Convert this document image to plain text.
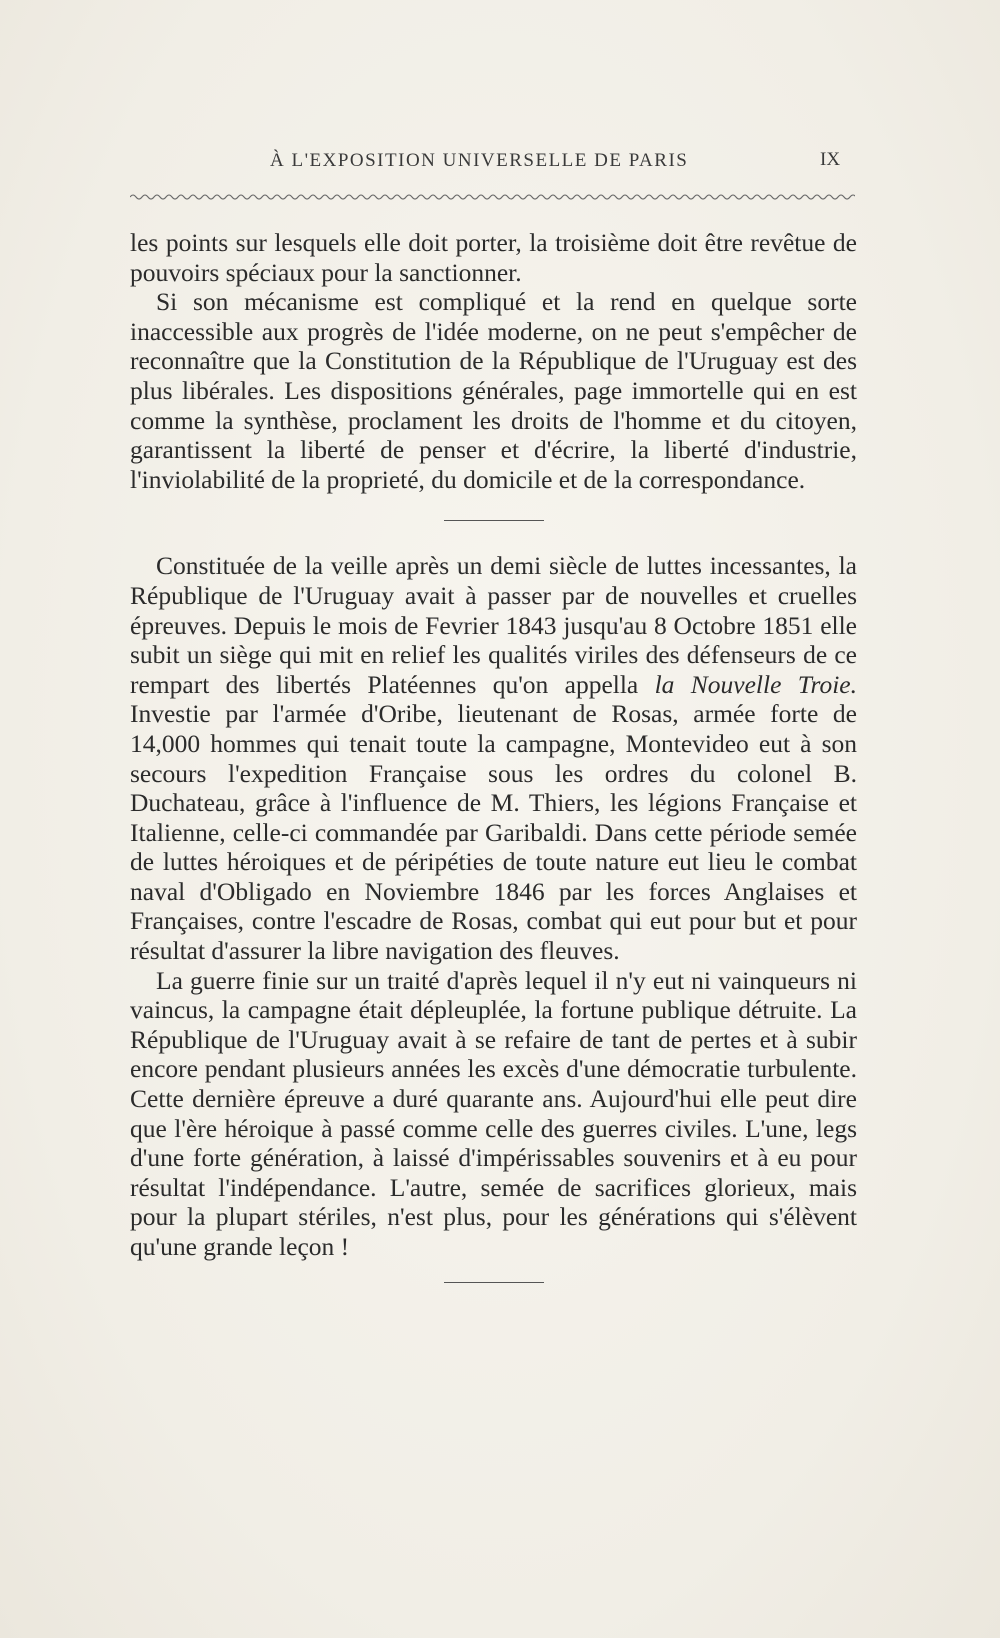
À L'EXPOSITION UNIVERSELLE DE PARIS	IX

les points sur lesquels elle doit porter, la troisième doit être revêtue de pouvoirs spéciaux pour la sanctionner.

Si son mécanisme est compliqué et la rend en quelque sorte inaccessible aux progrès de l'idée moderne, on ne peut s'empêcher de reconnaître que la Constitution de la République de l'Uruguay est des plus libérales. Les dispositions générales, page immortelle qui en est comme la synthèse, proclament les droits de l'homme et du citoyen, garantissent la liberté de penser et d'écrire, la liberté d'industrie, l'inviolabilité de la proprieté, du domicile et de la correspondance.

Constituée de la veille après un demi siècle de luttes incessantes, la République de l'Uruguay avait à passer par de nouvelles et cruelles épreuves. Depuis le mois de Fevrier 1843 jusqu'au 8 Octobre 1851 elle subit un siège qui mit en relief les qualités viriles des défenseurs de ce rempart des libertés Platéennes qu'on appella la Nouvelle Troie. Investie par l'armée d'Oribe, lieutenant de Rosas, armée forte de 14,000 hommes qui tenait toute la campagne, Montevideo eut à son secours l'expedition Française sous les ordres du colonel B. Duchateau, grâce à l'influence de M. Thiers, les légions Française et Italienne, celle-ci commandée par Garibaldi. Dans cette période semée de luttes héroiques et de péripéties de toute nature eut lieu le combat naval d'Obligado en Noviembre 1846 par les forces Anglaises et Françaises, contre l'escadre de Rosas, combat qui eut pour but et pour résultat d'assurer la libre navigation des fleuves.

La guerre finie sur un traité d'après lequel il n'y eut ni vainqueurs ni vaincus, la campagne était dépleuplée, la fortune publique détruite. La République de l'Uruguay avait à se refaire de tant de pertes et à subir encore pendant plusieurs années les excès d'une démocratie turbulente. Cette dernière épreuve a duré quarante ans. Aujourd'hui elle peut dire que l'ère héroique à passé comme celle des guerres civiles. L'une, legs d'une forte génération, à laissé d'impérissables souvenirs et à eu pour résultat l'indépendance. L'autre, semée de sacrifices glorieux, mais pour la plupart stériles, n'est plus, pour les générations qui s'élèvent qu'une grande leçon !
